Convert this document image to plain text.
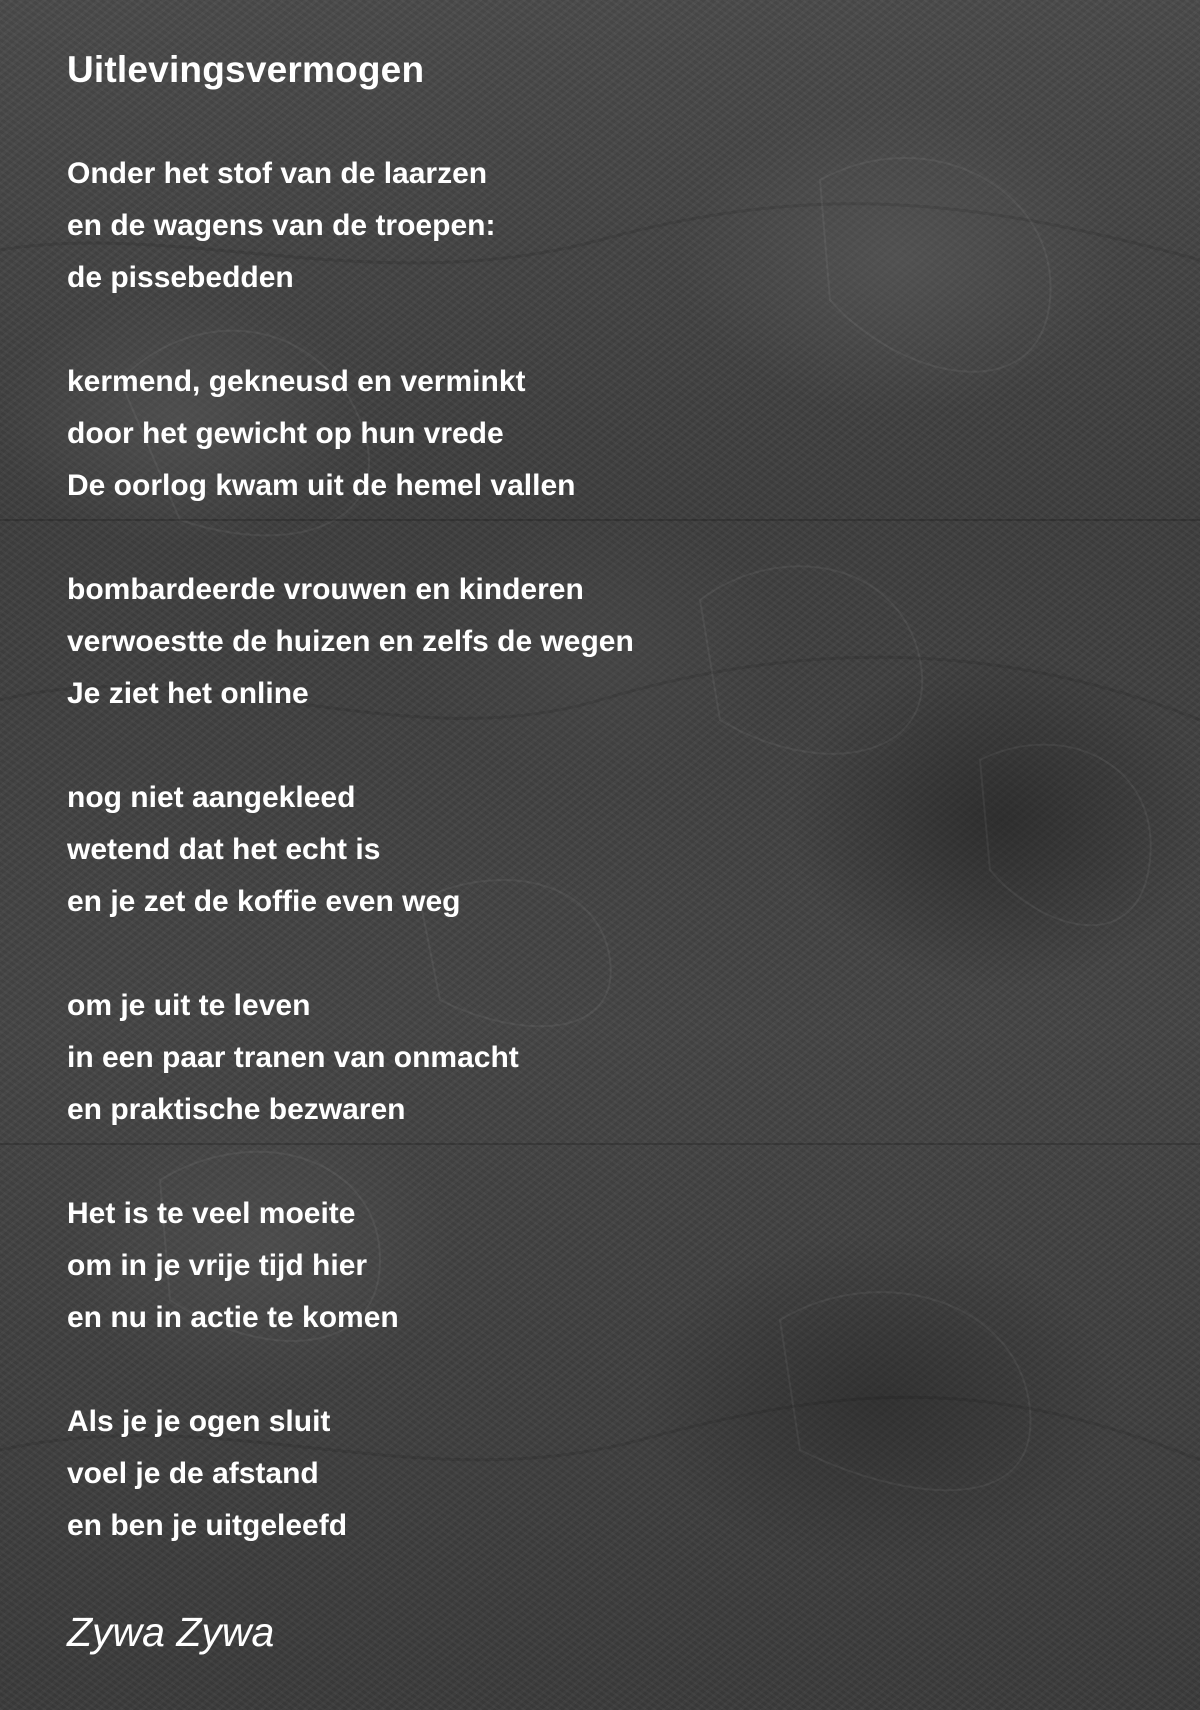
Uitlevingsvermogen
Onder het stof van de laarzen
en de wagens van de troepen:
de pissebedden
kermend, gekneusd en verminkt
door het gewicht op hun vrede
De oorlog kwam uit de hemel vallen
bombardeerde vrouwen en kinderen
verwoestte de huizen en zelfs de wegen
Je ziet het online
nog niet aangekleed
wetend dat het echt is
en je zet de koffie even weg
om je uit te leven
in een paar tranen van onmacht
en praktische bezwaren
Het is te veel moeite
om in je vrije tijd hier
en nu in actie te komen
Als je je ogen sluit
voel je de afstand
en ben je uitgeleefd

Zywa Zywa
